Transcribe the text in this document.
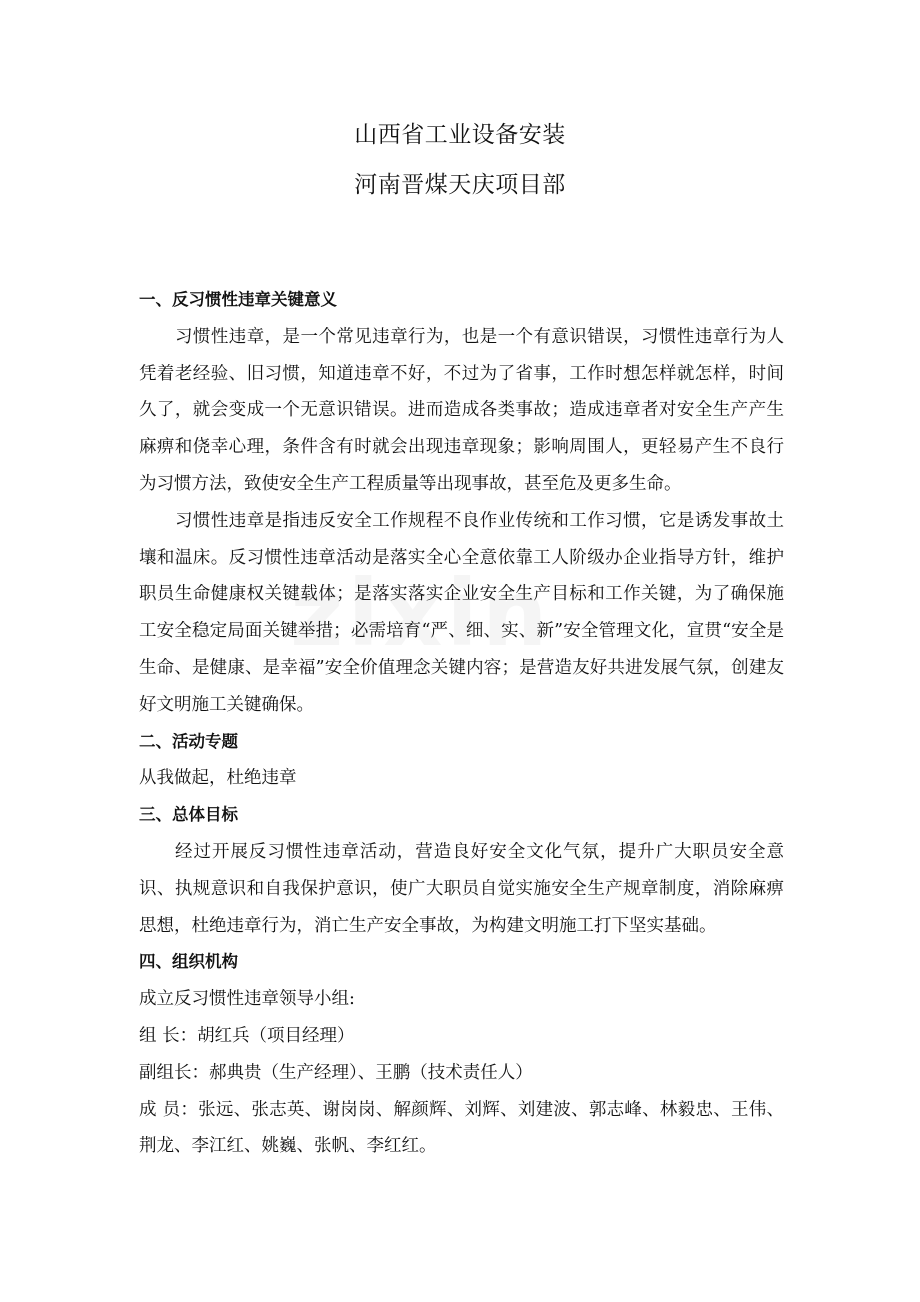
山西省工业设备安装
河南晋煤天庆项目部

一、反习惯性违章关键意义

习惯性违章，是一个常见违章行为，也是一个有意识错误，习惯性违章行为人凭着老经验、旧习惯，知道违章不好，不过为了省事，工作时想怎样就怎样，时间久了，就会变成一个无意识错误。进而造成各类事故；造成违章者对安全生产产生麻痹和侥幸心理，条件含有时就会出现违章现象；影响周围人，更轻易产生不良行为习惯方法，致使安全生产工程质量等出现事故，甚至危及更多生命。

习惯性违章是指违反安全工作规程不良作业传统和工作习惯，它是诱发事故土壤和温床。反习惯性违章活动是落实全心全意依靠工人阶级办企业指导方针，维护职员生命健康权关键载体；是落实落实企业安全生产目标和工作关键，为了确保施工安全稳定局面关键举措；必需培育“严、细、实、新”安全管理文化，宣贯“安全是生命、是健康、是幸福”安全价值理念关键内容；是营造友好共进发展气氛，创建友好文明施工关键确保。

二、活动专题

从我做起，杜绝违章

三、总体目标

经过开展反习惯性违章活动，营造良好安全文化气氛，提升广大职员安全意识、执规意识和自我保护意识，使广大职员自觉实施安全生产规章制度，消除麻痹思想，杜绝违章行为，消亡生产安全事故，为构建文明施工打下坚实基础。

四、组织机构

成立反习惯性违章领导小组:

组 长：胡红兵（项目经理）

副组长：郝典贵（生产经理）、王鹏（技术责任人）

成 员：张远、张志英、谢岗岗、解颜辉、刘辉、刘建波、郭志峰、林毅忠、王伟、荆龙、李江红、姚巍、张帆、李红红。
